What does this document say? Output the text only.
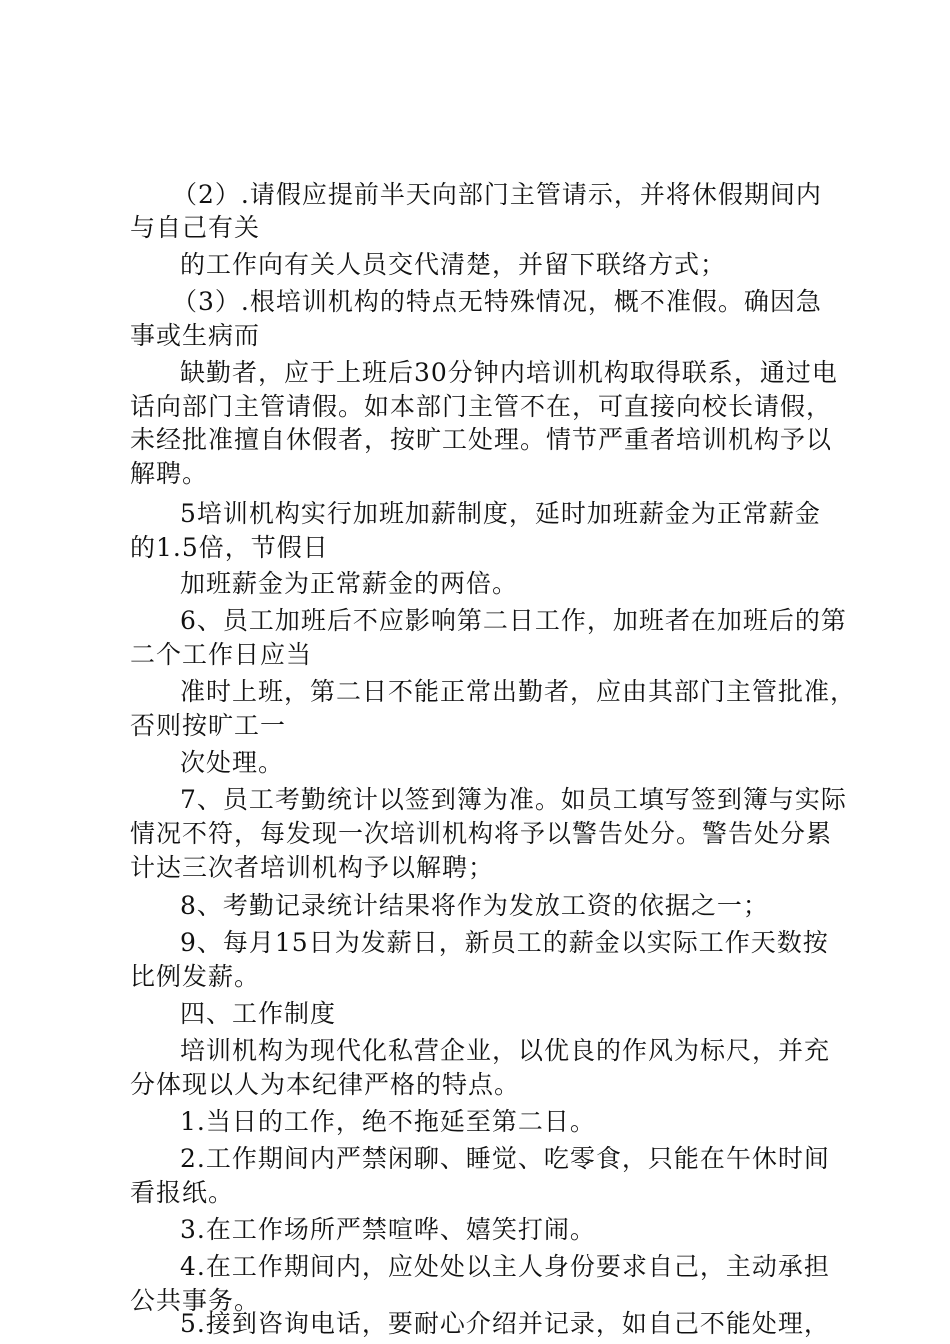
（2）.请假应提前半天向部门主管请示，并将休假期间内
与自己有关
的工作向有关人员交代清楚，并留下联络方式；
（3）.根培训机构的特点无特殊情况，概不准假。确因急
事或生病而
缺勤者，应于上班后30分钟内培训机构取得联系，通过电
话向部门主管请假。如本部门主管不在，可直接向校长请假，
未经批准擅自休假者，按旷工处理。情节严重者培训机构予以
解聘。
5培训机构实行加班加薪制度，延时加班薪金为正常薪金
的1.5倍，节假日
加班薪金为正常薪金的两倍。
6、员工加班后不应影响第二日工作，加班者在加班后的第
二个工作日应当
准时上班，第二日不能正常出勤者，应由其部门主管批准，
否则按旷工一
次处理。
7、员工考勤统计以签到簿为准。如员工填写签到簿与实际
情况不符，每发现一次培训机构将予以警告处分。警告处分累
计达三次者培训机构予以解聘；
8、考勤记录统计结果将作为发放工资的依据之一；
9、每月15日为发薪日，新员工的薪金以实际工作天数按
比例发薪。
四、工作制度
培训机构为现代化私营企业，以优良的作风为标尺，并充
分体现以人为本纪律严格的特点。
1.当日的工作，绝不拖延至第二日。
2.工作期间内严禁闲聊、睡觉、吃零食，只能在午休时间
看报纸。
3.在工作场所严禁喧哗、嬉笑打闹。
4.在工作期间内，应处处以主人身份要求自己，主动承担
公共事务。
5.接到咨询电话，要耐心介绍并记录，如自己不能处理，
